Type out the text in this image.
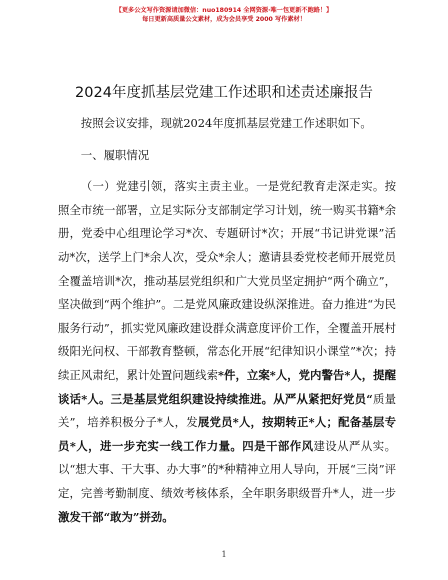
【更多公文写作资源请加微信：nuo180914 全网资源·唯一包更新不跑路！】
每日更新高质量公文素材，成为会员享受 2000 写作素材！
2024年度抓基层党建工作述职和述责述廉报告

按照会议安排，现就2024年度抓基层党建工作述职如下。

一、履职情况

（一）党建引领，落实主责主业。一是党纪教育走深走实。按照全市统一部署，立足实际分支部制定学习计划，统一购买书籍*余册，党委中心组理论学习*次、专题研讨*次；开展“书记讲党课”活动*次，送学上门*余人次，受众*余人；邀请县委党校老师开展党员全覆盖培训*次，推动基层党组织和广大党员坚定拥护“两个确立”，坚决做到“两个维护”。二是党风廉政建设纵深推进。奋力推进“为民服务行动”，抓实党风廉政建设群众满意度评价工作，全覆盖开展村级阳光问权、干部教育整顿，常态化开展“纪律知识小课堂”*次；持续正风肃纪，累计处置问题线索*件，立案*人，党内警告*人，提醒谈话*人。三是基层党组织建设持续推进。从严从紧把好党员“质量关”，培养积极分子*人，发展党员*人，按期转正*人；配备基层专员*人，进一步充实一线工作力量。四是干部作风建设从严从实。以“想大事、干大事、办大事”的*种精神立用人导向，开展“三岗”评定，完善考勤制度、绩效考核体系，全年职务职级晋升*人，进一步激发干部“敢为”拼劲。

1
